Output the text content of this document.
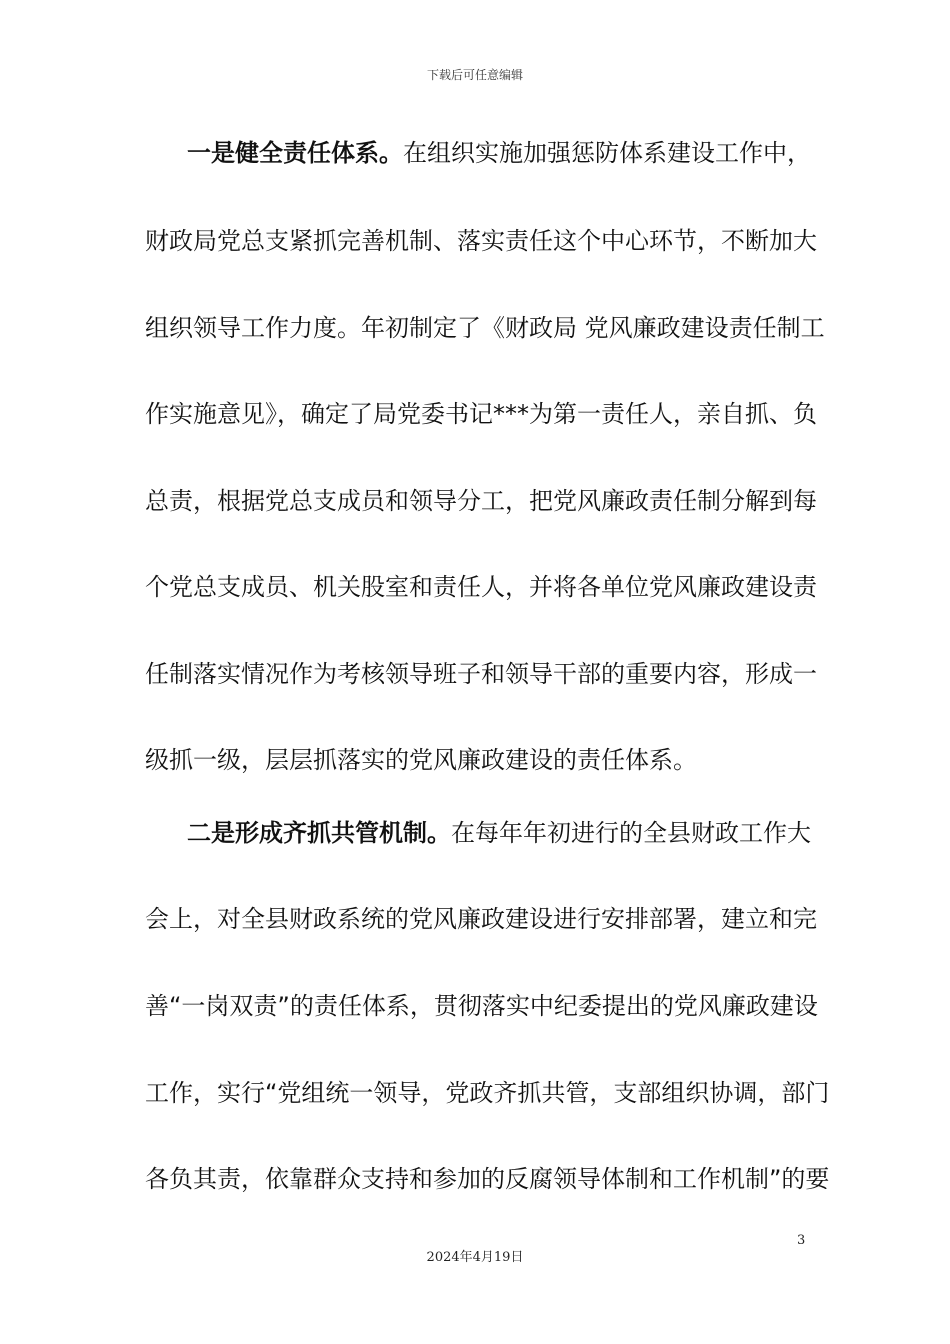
下载后可任意编辑
一是健全责任体系。在组织实施加强惩防体系建设工作中，
财政局党总支紧抓完善机制、落实责任这个中心环节，不断加大
组织领导工作力度。年初制定了《财政局 党风廉政建设责任制工
作实施意见》，确定了局党委书记***为第一责任人，亲自抓、负
总责，根据党总支成员和领导分工，把党风廉政责任制分解到每
个党总支成员、机关股室和责任人，并将各单位党风廉政建设责
任制落实情况作为考核领导班子和领导干部的重要内容，形成一
级抓一级，层层抓落实的党风廉政建设的责任体系。
二是形成齐抓共管机制。在每年年初进行的全县财政工作大
会上，对全县财政系统的党风廉政建设进行安排部署，建立和完
善“一岗双责”的责任体系，贯彻落实中纪委提出的党风廉政建设
工作，实行“党组统一领导，党政齐抓共管，支部组织协调，部门
各负其责，依靠群众支持和参加的反腐领导体制和工作机制”的要
3
2024年4月19日
